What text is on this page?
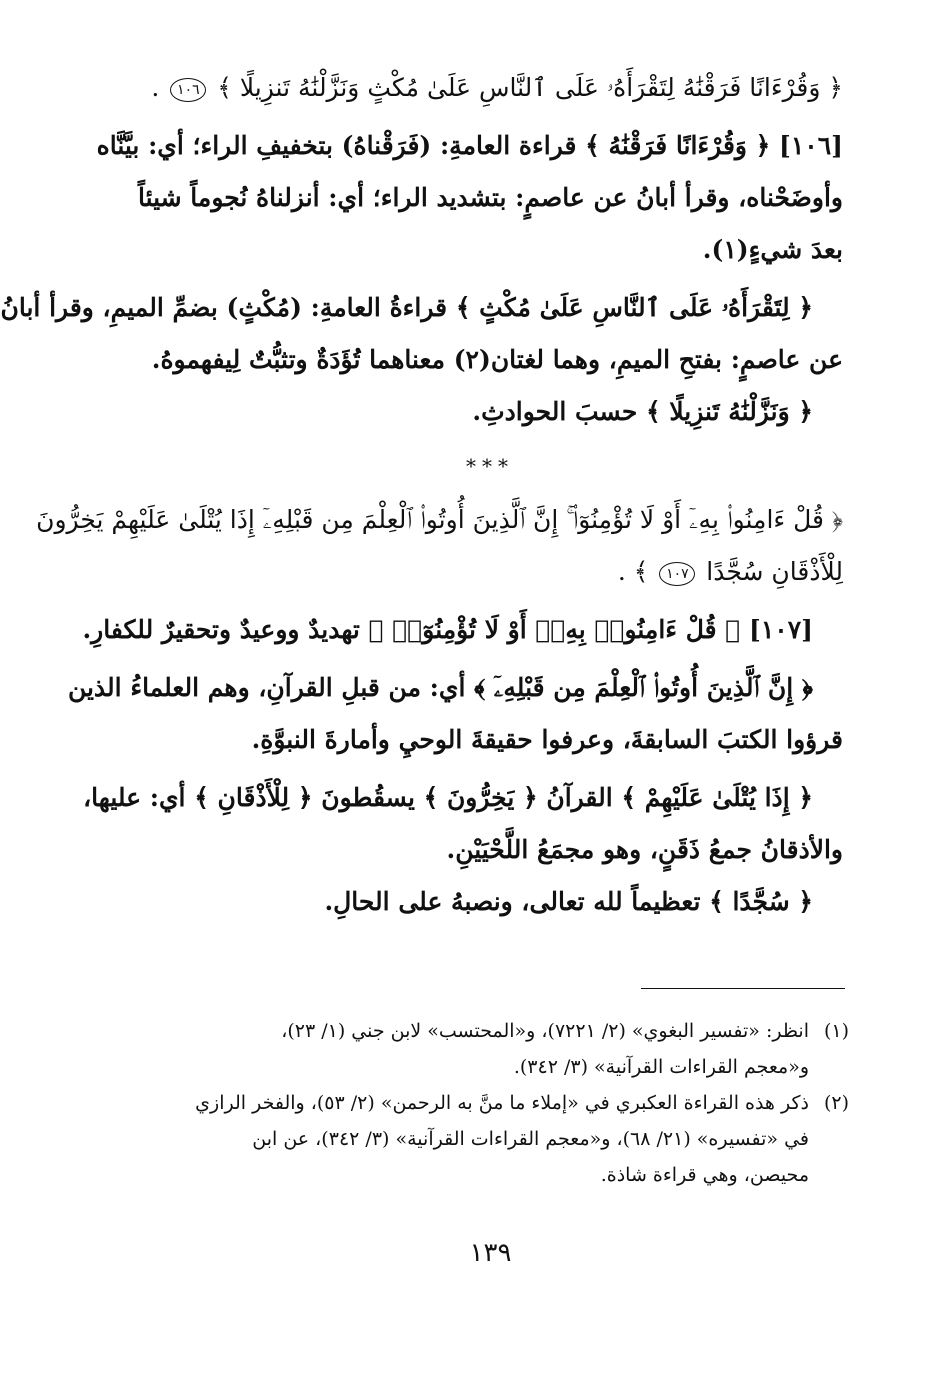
﴿ وَقُرْءَانًا فَرَقْنَٰهُ لِتَقْرَأَهُۥ عَلَى ٱلنَّاسِ عَلَىٰ مُكْثٍ وَنَزَّلْنَٰهُ تَنزِيلًا ﴾ ١٠٦ .
[١٠٦] ﴿ وَقُرْءَانًا فَرَقْنَٰهُ ﴾ قراءة العامةِ: (فَرَقْناهُ) بتخفيفِ الراء؛ أي: بيَّنَّاه
وأوضَحْناه، وقرأ أبانُ عن عاصمٍ: بتشديد الراء؛ أي: أنزلناهُ نُجوماً شيئاً
بعدَ شيءٍ(١).
﴿ لِتَقْرَأَهُۥ عَلَى ٱلنَّاسِ عَلَىٰ مُكْثٍ ﴾ قراءةُ العامةِ: (مُكْثٍ) بضمِّ الميمِ، وقرأ أبانُ
عن عاصمٍ: بفتحِ الميمِ، وهما لغتان(٢) معناهما تُؤَدَةٌ وتثبُّتٌ لِيفهموهُ.
﴿ وَنَزَّلْنَٰهُ تَنزِيلًا ﴾ حسبَ الحوادثِ.
***
﴿ قُلْ ءَامِنُوا۟ بِهِۦٓ أَوْ لَا تُؤْمِنُوٓا۟ ۚ إِنَّ ٱلَّذِينَ أُوتُوا۟ ٱلْعِلْمَ مِن قَبْلِهِۦٓ إِذَا يُتْلَىٰ عَلَيْهِمْ يَخِرُّونَ
لِلْأَذْقَانِ سُجَّدًا ١٠٧ ﴾ .
[١٠٧] ﴿ قُلْ ءَامِنُوا۟ بِهِۦٓ أَوْ لَا تُؤْمِنُوٓا۟ ﴾ تهديدٌ ووعيدٌ وتحقيرٌ للكفارِ.
﴿ إِنَّ ٱلَّذِينَ أُوتُوا۟ ٱلْعِلْمَ مِن قَبْلِهِۦٓ ﴾ أي: من قبلِ القرآنِ، وهم العلماءُ الذين
قرؤوا الكتبَ السابقةَ، وعرفوا حقيقةَ الوحيِ وأمارةَ النبوَّةِ.
﴿ إِذَا يُتْلَىٰ عَلَيْهِمْ ﴾ القرآنُ ﴿ يَخِرُّونَ ﴾ يسقُطونَ ﴿ لِلْأَذْقَانِ ﴾ أي: عليها،
والأذقانُ جمعُ ذَقَنٍ، وهو مجمَعُ اللَّحْيَيْنِ.
﴿ سُجَّدًا ﴾ تعظيماً لله تعالى، ونصبهُ على الحالِ.
(١)
انظر: «تفسير البغوي» (٢/ ٧٢٢١)، و«المحتسب» لابن جني (١/ ٢٣)،
و«معجم القراءات القرآنية» (٣/ ٣٤٢).
(٢)
ذكر هذه القراءة العكبري في «إملاء ما منَّ به الرحمن» (٢/ ٥٣)، والفخر الرازي
في «تفسيره» (٢١/ ٦٨)، و«معجم القراءات القرآنية» (٣/ ٣٤٢)، عن ابن
محيصن، وهي قراءة شاذة.
١٣٩
